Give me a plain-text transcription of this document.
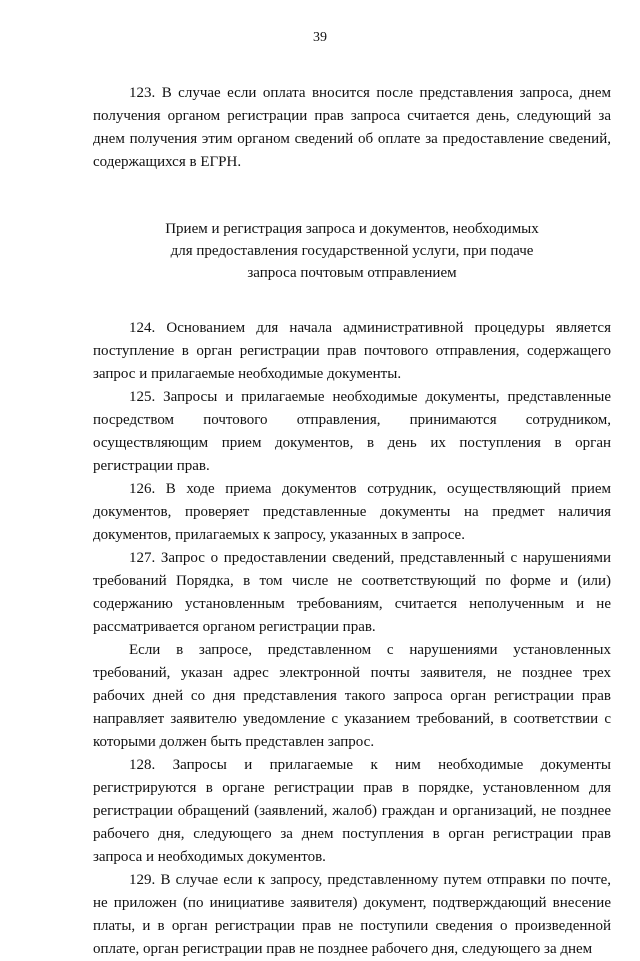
39

123. В случае если оплата вносится после представления запроса, днем получения органом регистрации прав запроса считается день, следующий за днем получения этим органом сведений об оплате за предоставление сведений, содержащихся в ЕГРН.

Прием и регистрация запроса и документов, необходимых
для предоставления государственной услуги, при подаче
запроса почтовым отправлением

124. Основанием для начала административной процедуры является поступление в орган регистрации прав почтового отправления, содержащего запрос и прилагаемые необходимые документы.

125. Запросы и прилагаемые необходимые документы, представленные посредством почтового отправления, принимаются сотрудником, осуществляющим прием документов, в день их поступления в орган регистрации прав.

126. В ходе приема документов сотрудник, осуществляющий прием документов, проверяет представленные документы на предмет наличия документов, прилагаемых к запросу, указанных в запросе.

127. Запрос о предоставлении сведений, представленный с нарушениями требований Порядка, в том числе не соответствующий по форме и (или) содержанию установленным требованиям, считается неполученным и не рассматривается органом регистрации прав.

Если в запросе, представленном с нарушениями установленных требований, указан адрес электронной почты заявителя, не позднее трех рабочих дней со дня представления такого запроса орган регистрации прав направляет заявителю уведомление с указанием требований, в соответствии с которыми должен быть представлен запрос.

128. Запросы и прилагаемые к ним необходимые документы регистрируются в органе регистрации прав в порядке, установленном для регистрации обращений (заявлений, жалоб) граждан и организаций, не позднее рабочего дня, следующего за днем поступления в орган регистрации прав запроса и необходимых документов.

129. В случае если к запросу, представленному путем отправки по почте, не приложен (по инициативе заявителя) документ, подтверждающий внесение платы, и в орган регистрации прав не поступили сведения о произведенной оплате, орган регистрации прав не позднее рабочего дня, следующего за днем
